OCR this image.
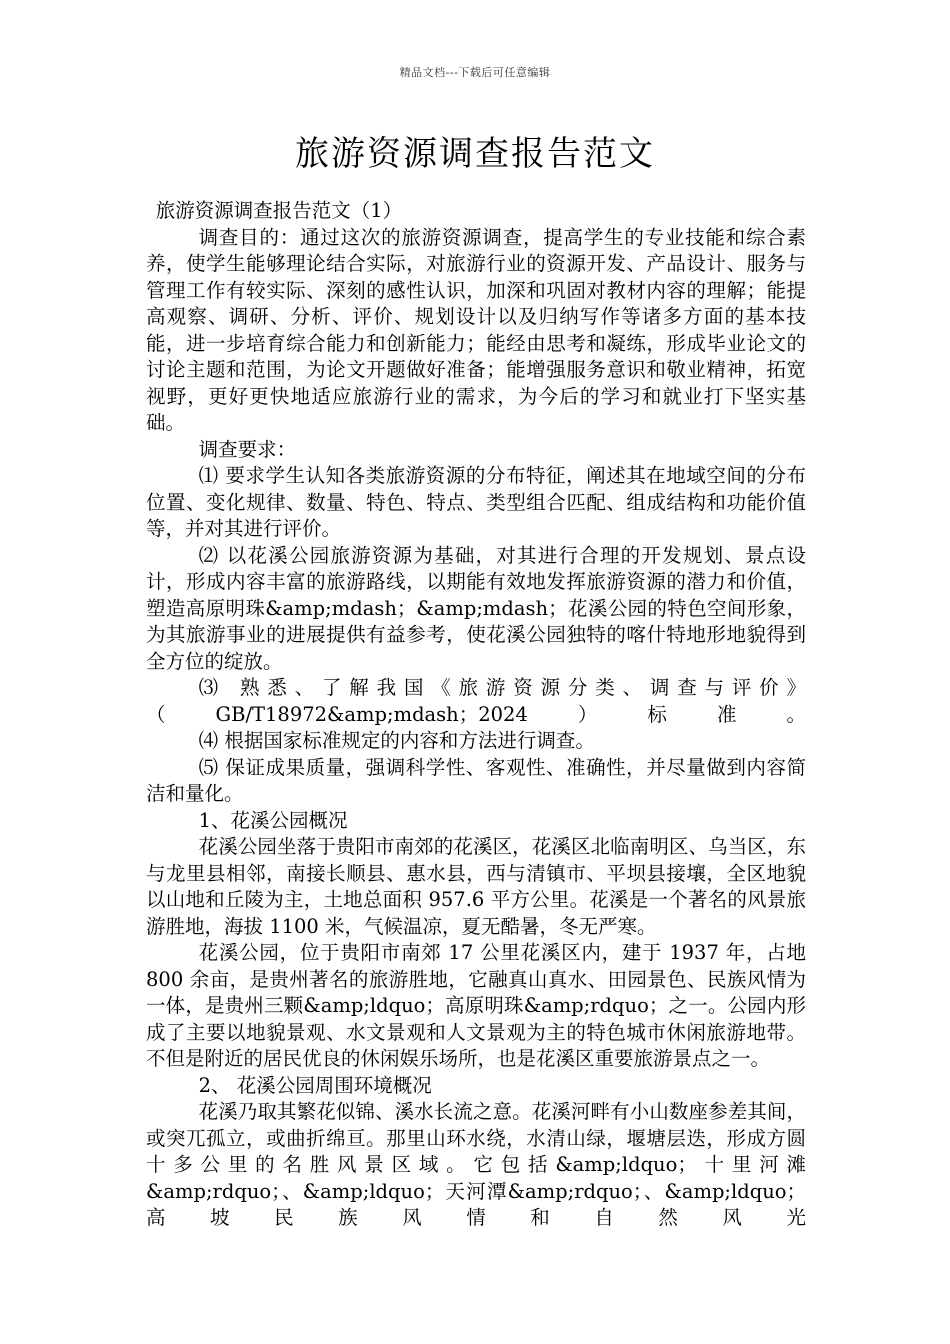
精品文档---下载后可任意编辑
旅游资源调查报告范文

旅游资源调查报告范文（1）

调查目的：通过这次的旅游资源调查，提高学生的专业技能和综合素养，使学生能够理论结合实际，对旅游行业的资源开发、产品设计、服务与管理工作有较实际、深刻的感性认识，加深和巩固对教材内容的理解；能提高观察、调研、分析、评价、规划设计以及归纳写作等诸多方面的基本技能，进一步培育综合能力和创新能力；能经由思考和凝练，形成毕业论文的讨论主题和范围，为论文开题做好准备；能增强服务意识和敬业精神，拓宽视野，更好更快地适应旅游行业的需求，为今后的学习和就业打下坚实基础。

调查要求：

⑴ 要求学生认知各类旅游资源的分布特征，阐述其在地域空间的分布位置、变化规律、数量、特色、特点、类型组合匹配、组成结构和功能价值等，并对其进行评价。

⑵ 以花溪公园旅游资源为基础，对其进行合理的开发规划、景点设计，形成内容丰富的旅游路线，以期能有效地发挥旅游资源的潜力和价值，塑造高原明珠&amp;mdash；&amp;mdash；花溪公园的特色空间形象，为其旅游事业的进展提供有益参考，使花溪公园独特的喀什特地形地貌得到全方位的绽放。

⑶ 熟悉、了解我国《旅游资源分类、调查与评价》（GB/T18972&amp;mdash；2024）标准。

⑷ 根据国家标准规定的内容和方法进行调查。

⑸ 保证成果质量，强调科学性、客观性、准确性，并尽量做到内容简洁和量化。

1、花溪公园概况

花溪公园坐落于贵阳市南郊的花溪区，花溪区北临南明区、乌当区，东与龙里县相邻，南接长顺县、惠水县，西与清镇市、平坝县接壤，全区地貌以山地和丘陵为主，土地总面积 957.6 平方公里。花溪是一个著名的风景旅游胜地，海拔 1100 米，气候温凉，夏无酷暑，冬无严寒。

花溪公园，位于贵阳市南郊 17 公里花溪区内，建于 1937 年，占地 800 余亩，是贵州著名的旅游胜地，它融真山真水、田园景色、民族风情为一体，是贵州三颗&amp;ldquo；高原明珠&amp;rdquo；之一。公园内形成了主要以地貌景观、水文景观和人文景观为主的特色城市休闲旅游地带。不但是附近的居民优良的休闲娱乐场所，也是花溪区重要旅游景点之一。

2、 花溪公园周围环境概况

花溪乃取其繁花似锦、溪水长流之意。花溪河畔有小山数座参差其间，或突兀孤立，或曲折绵亘。那里山环水绕，水清山绿，堰塘层迭，形成方圆十多公里的名胜风景区域。它包括&amp;ldquo；十里河滩&amp;rdquo；、&amp;ldquo；天河潭&amp;rdquo；、&amp;ldquo；高坡民族风情和自然风光
